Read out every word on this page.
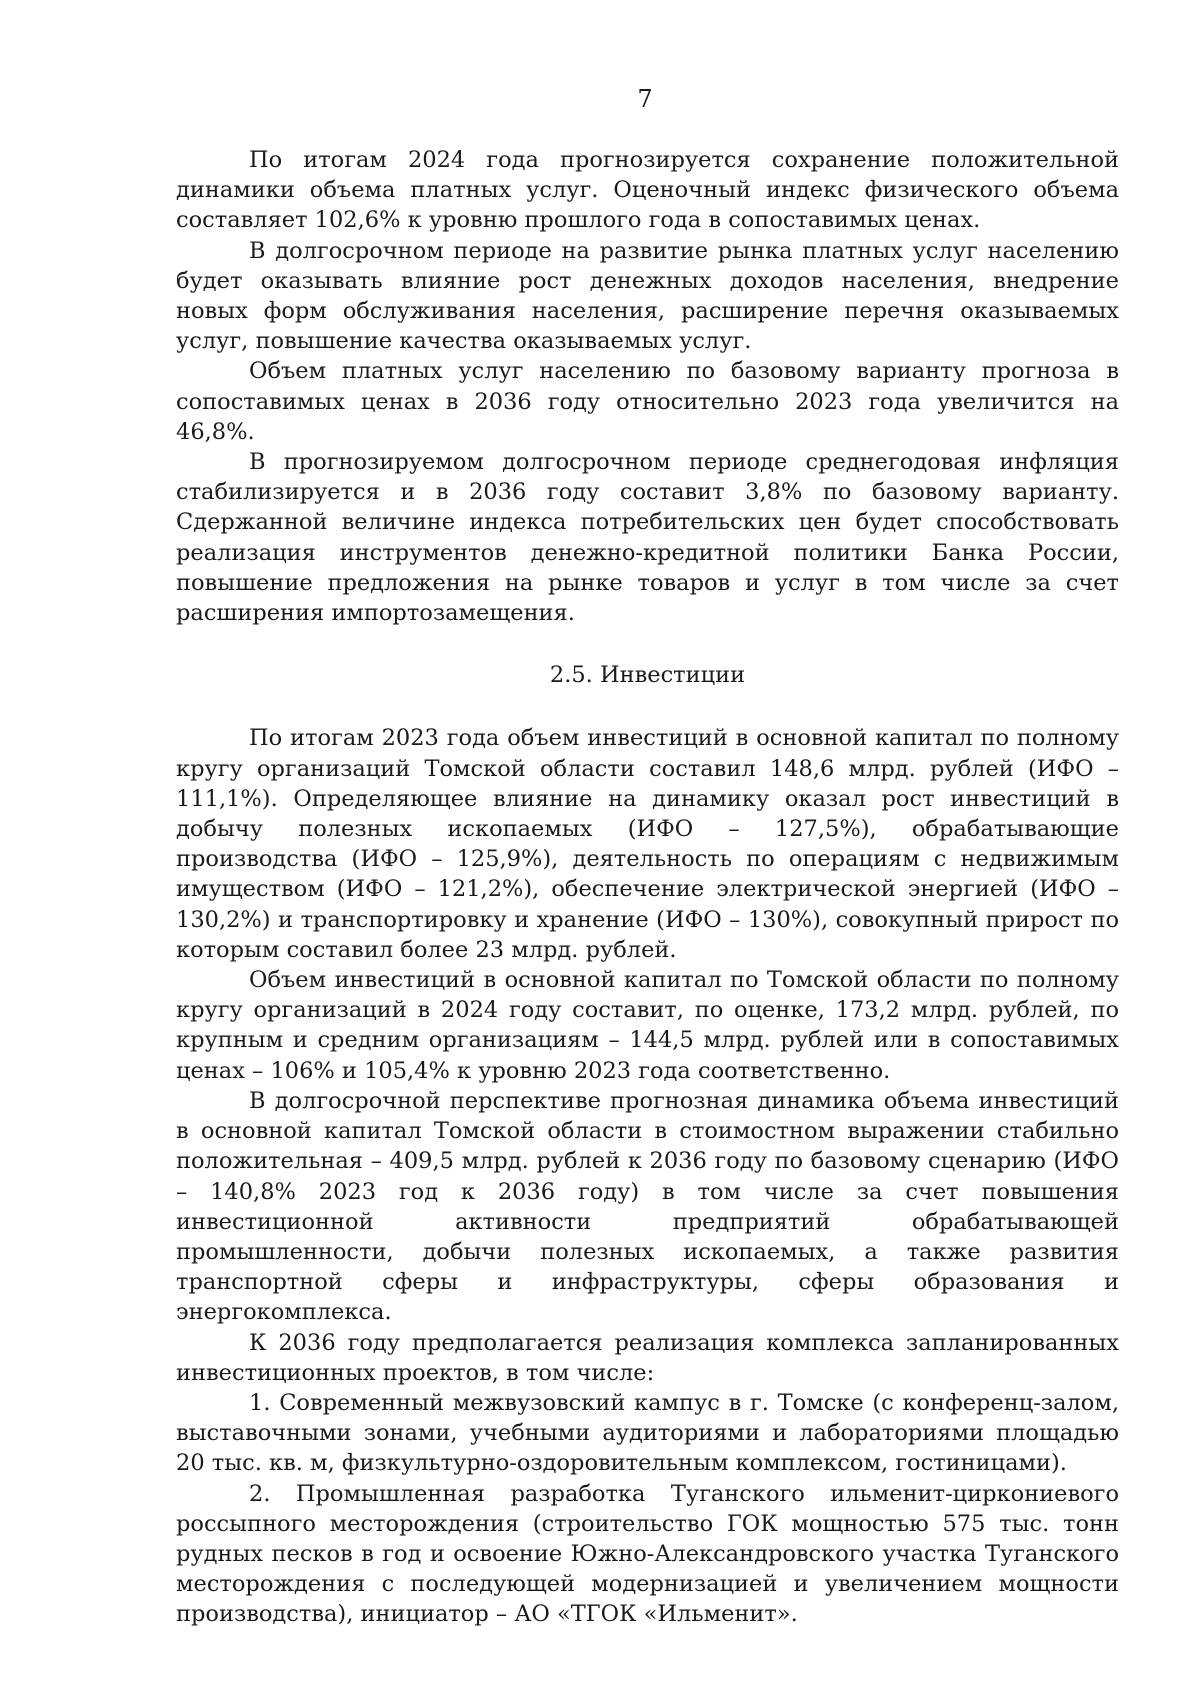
7

По итогам 2024 года прогнозируется сохранение положительной динамики объема платных услуг. Оценочный индекс физического объема составляет 102,6% к уровню прошлого года в сопоставимых ценах.

В долгосрочном периоде на развитие рынка платных услуг населению будет оказывать влияние рост денежных доходов населения, внедрение новых форм обслуживания населения, расширение перечня оказываемых услуг, повышение качества оказываемых услуг.

Объем платных услуг населению по базовому варианту прогноза в сопоставимых ценах в 2036 году относительно 2023 года увеличится на 46,8%.

В прогнозируемом долгосрочном периоде среднегодовая инфляция стабилизируется и в 2036 году составит 3,8% по базовому варианту. Сдержанной величине индекса потребительских цен будет способствовать реализация инструментов денежно-кредитной политики Банка России, повышение предложения на рынке товаров и услуг в том числе за счет расширения импортозамещения.

2.5. Инвестиции

По итогам 2023 года объем инвестиций в основной капитал по полному кругу организаций Томской области составил 148,6 млрд. рублей (ИФО – 111,1%). Определяющее влияние на динамику оказал рост инвестиций в добычу полезных ископаемых (ИФО – 127,5%), обрабатывающие производства (ИФО – 125,9%), деятельность по операциям с недвижимым имуществом (ИФО – 121,2%), обеспечение электрической энергией (ИФО – 130,2%) и транспортировку и хранение (ИФО – 130%), совокупный прирост по которым составил более 23 млрд. рублей.

Объем инвестиций в основной капитал по Томской области по полному кругу организаций в 2024 году составит, по оценке, 173,2 млрд. рублей, по крупным и средним организациям – 144,5 млрд. рублей или в сопоставимых ценах – 106% и 105,4% к уровню 2023 года соответственно.

В долгосрочной перспективе прогнозная динамика объема инвестиций в основной капитал Томской области в стоимостном выражении стабильно положительная – 409,5 млрд. рублей к 2036 году по базовому сценарию (ИФО – 140,8% 2023 год к 2036 году) в том числе за счет повышения инвестиционной активности предприятий обрабатывающей промышленности, добычи полезных ископаемых, а также развития транспортной сферы и инфраструктуры, сферы образования и энергокомплекса.

К 2036 году предполагается реализация комплекса запланированных инвестиционных проектов, в том числе:

1. Современный межвузовский кампус в г. Томске (с конференц-залом, выставочными зонами, учебными аудиториями и лабораториями площадью 20 тыс. кв. м, физкультурно-оздоровительным комплексом, гостиницами).

2. Промышленная разработка Туганского ильменит-циркониевого россыпного месторождения (строительство ГОК мощностью 575 тыс. тонн рудных песков в год и освоение Южно-Александровского участка Туганского месторождения с последующей модернизацией и увеличением мощности производства), инициатор – АО «ТГОК «Ильменит».
